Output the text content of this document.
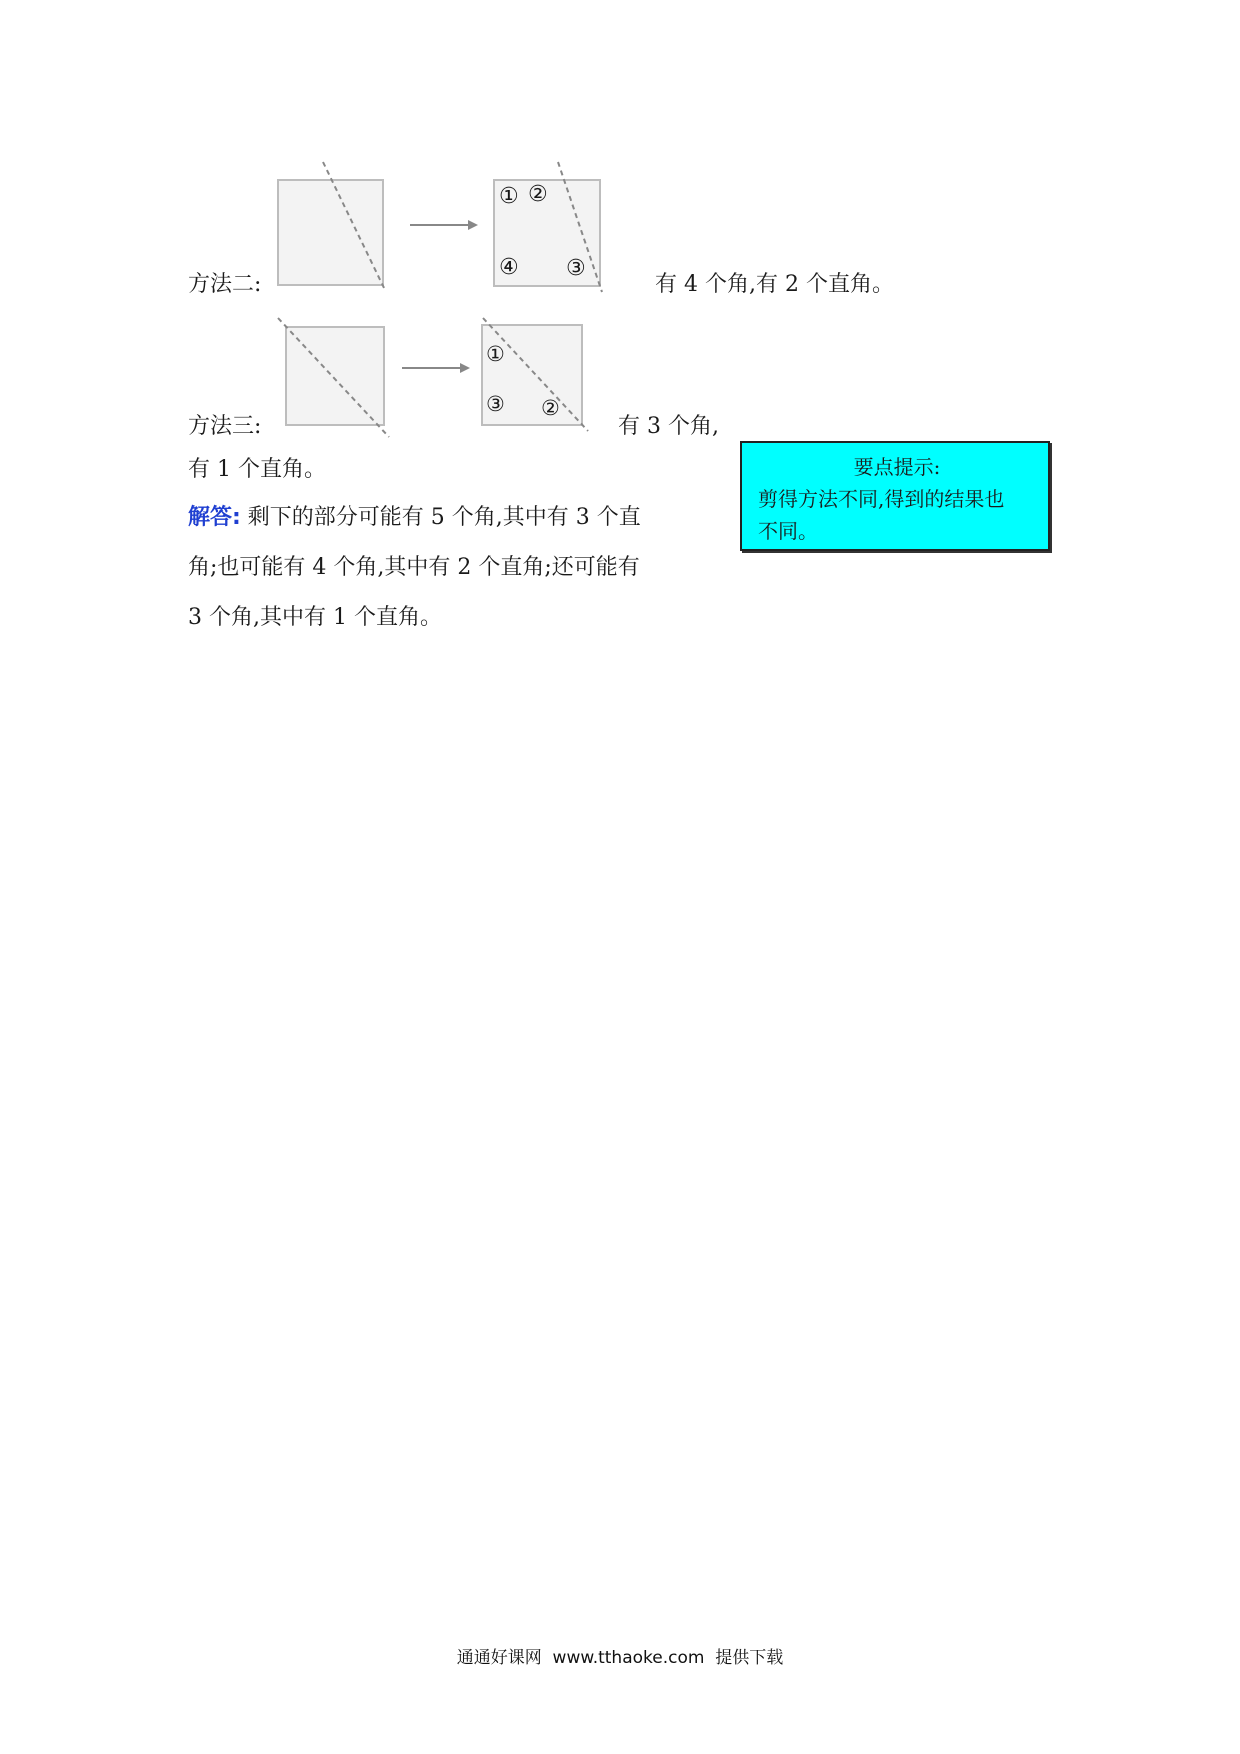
方法二:
① ②
④ ③
有 4 个角,有 2 个直角。
方法三:
①
③ ②
有 3 个角,
有 1 个直角。
解答: 剩下的部分可能有 5 个角,其中有 3 个直
角;也可能有 4 个角,其中有 2 个直角;还可能有
3 个角,其中有 1 个直角。
要点提示:
剪得方法不同,得到的结果也
不同。
通通好课网  www.tthaoke.com  提供下载
